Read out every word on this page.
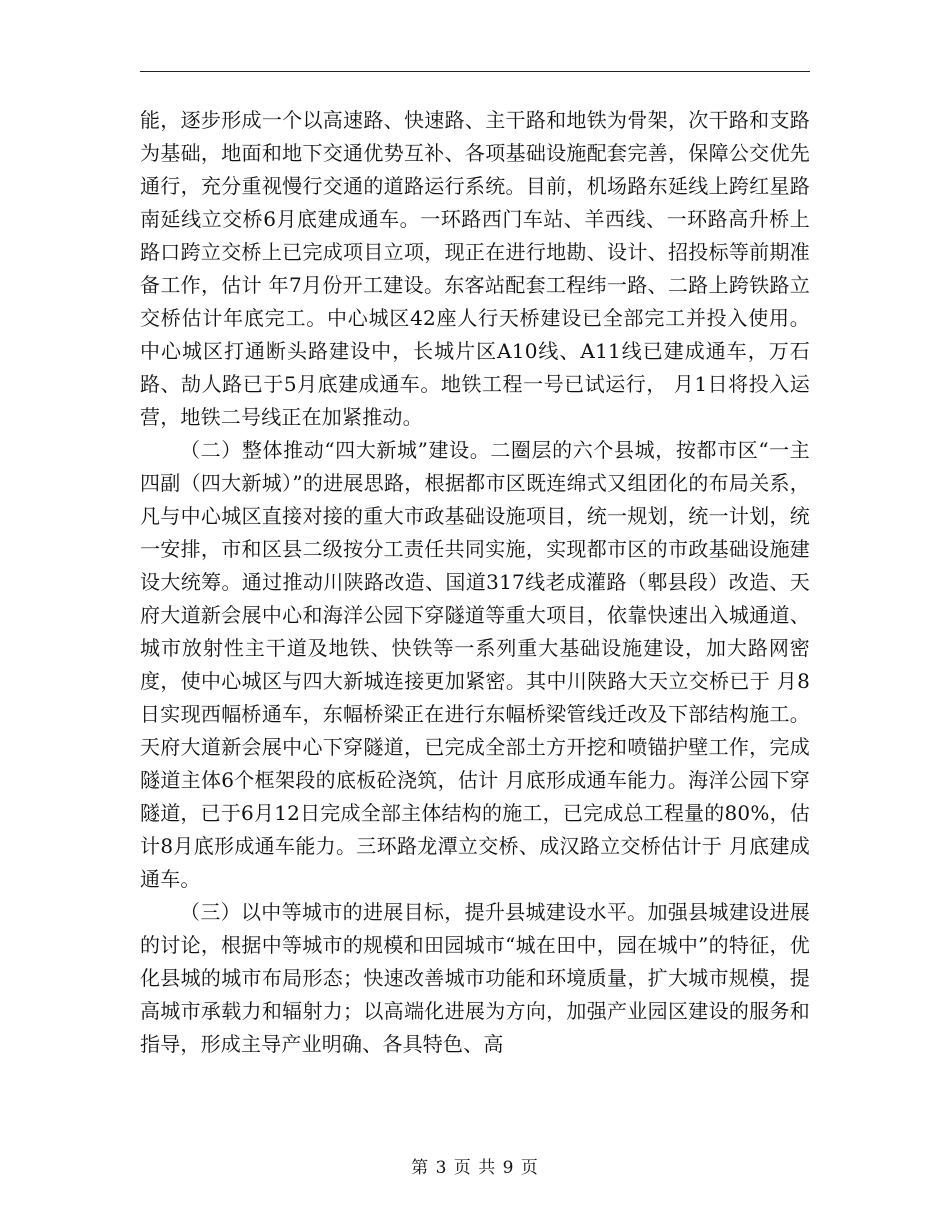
能，逐步形成一个以高速路、快速路、主干路和地铁为骨架，次干路和支路为基础，地面和地下交通优势互补、各项基础设施配套完善，保障公交优先通行，充分重视慢行交通的道路运行系统。目前，机场路东延线上跨红星路南延线立交桥6月底建成通车。一环路西门车站、羊西线、一环路高升桥上路口跨立交桥上已完成项目立项，现正在进行地勘、设计、招投标等前期准备工作，估计 年7月份开工建设。东客站配套工程纬一路、二路上跨铁路立交桥估计年底完工。中心城区42座人行天桥建设已全部完工并投入使用。中心城区打通断头路建设中，长城片区A10线、A11线已建成通车，万石路、劼人路已于5月底建成通车。地铁工程一号已试运行， 月1日将投入运营，地铁二号线正在加紧推动。

（二）整体推动“四大新城”建设。二圈层的六个县城，按都市区“一主四副（四大新城）”的进展思路，根据都市区既连绵式又组团化的布局关系，凡与中心城区直接对接的重大市政基础设施项目，统一规划，统一计划，统一安排，市和区县二级按分工责任共同实施，实现都市区的市政基础设施建设大统筹。通过推动川陕路改造、国道317线老成灌路（郫县段）改造、天府大道新会展中心和海洋公园下穿隧道等重大项目，依靠快速出入城通道、城市放射性主干道及地铁、快铁等一系列重大基础设施建设，加大路网密度，使中心城区与四大新城连接更加紧密。其中川陕路大天立交桥已于 月8日实现西幅桥通车，东幅桥梁正在进行东幅桥梁管线迁改及下部结构施工。天府大道新会展中心下穿隧道，已完成全部土方开挖和喷锚护壁工作，完成隧道主体6个框架段的底板砼浇筑，估计 月底形成通车能力。海洋公园下穿隧道，已于6月12日完成全部主体结构的施工，已完成总工程量的80%，估计8月底形成通车能力。三环路龙潭立交桥、成汉路立交桥估计于 月底建成通车。

（三）以中等城市的进展目标，提升县城建设水平。加强县城建设进展的讨论，根据中等城市的规模和田园城市“城在田中，园在城中”的特征，优化县城的城市布局形态；快速改善城市功能和环境质量，扩大城市规模，提高城市承载力和辐射力；以高端化进展为方向，加强产业园区建设的服务和指导，形成主导产业明确、各具特色、高

第 3 页 共 9 页
